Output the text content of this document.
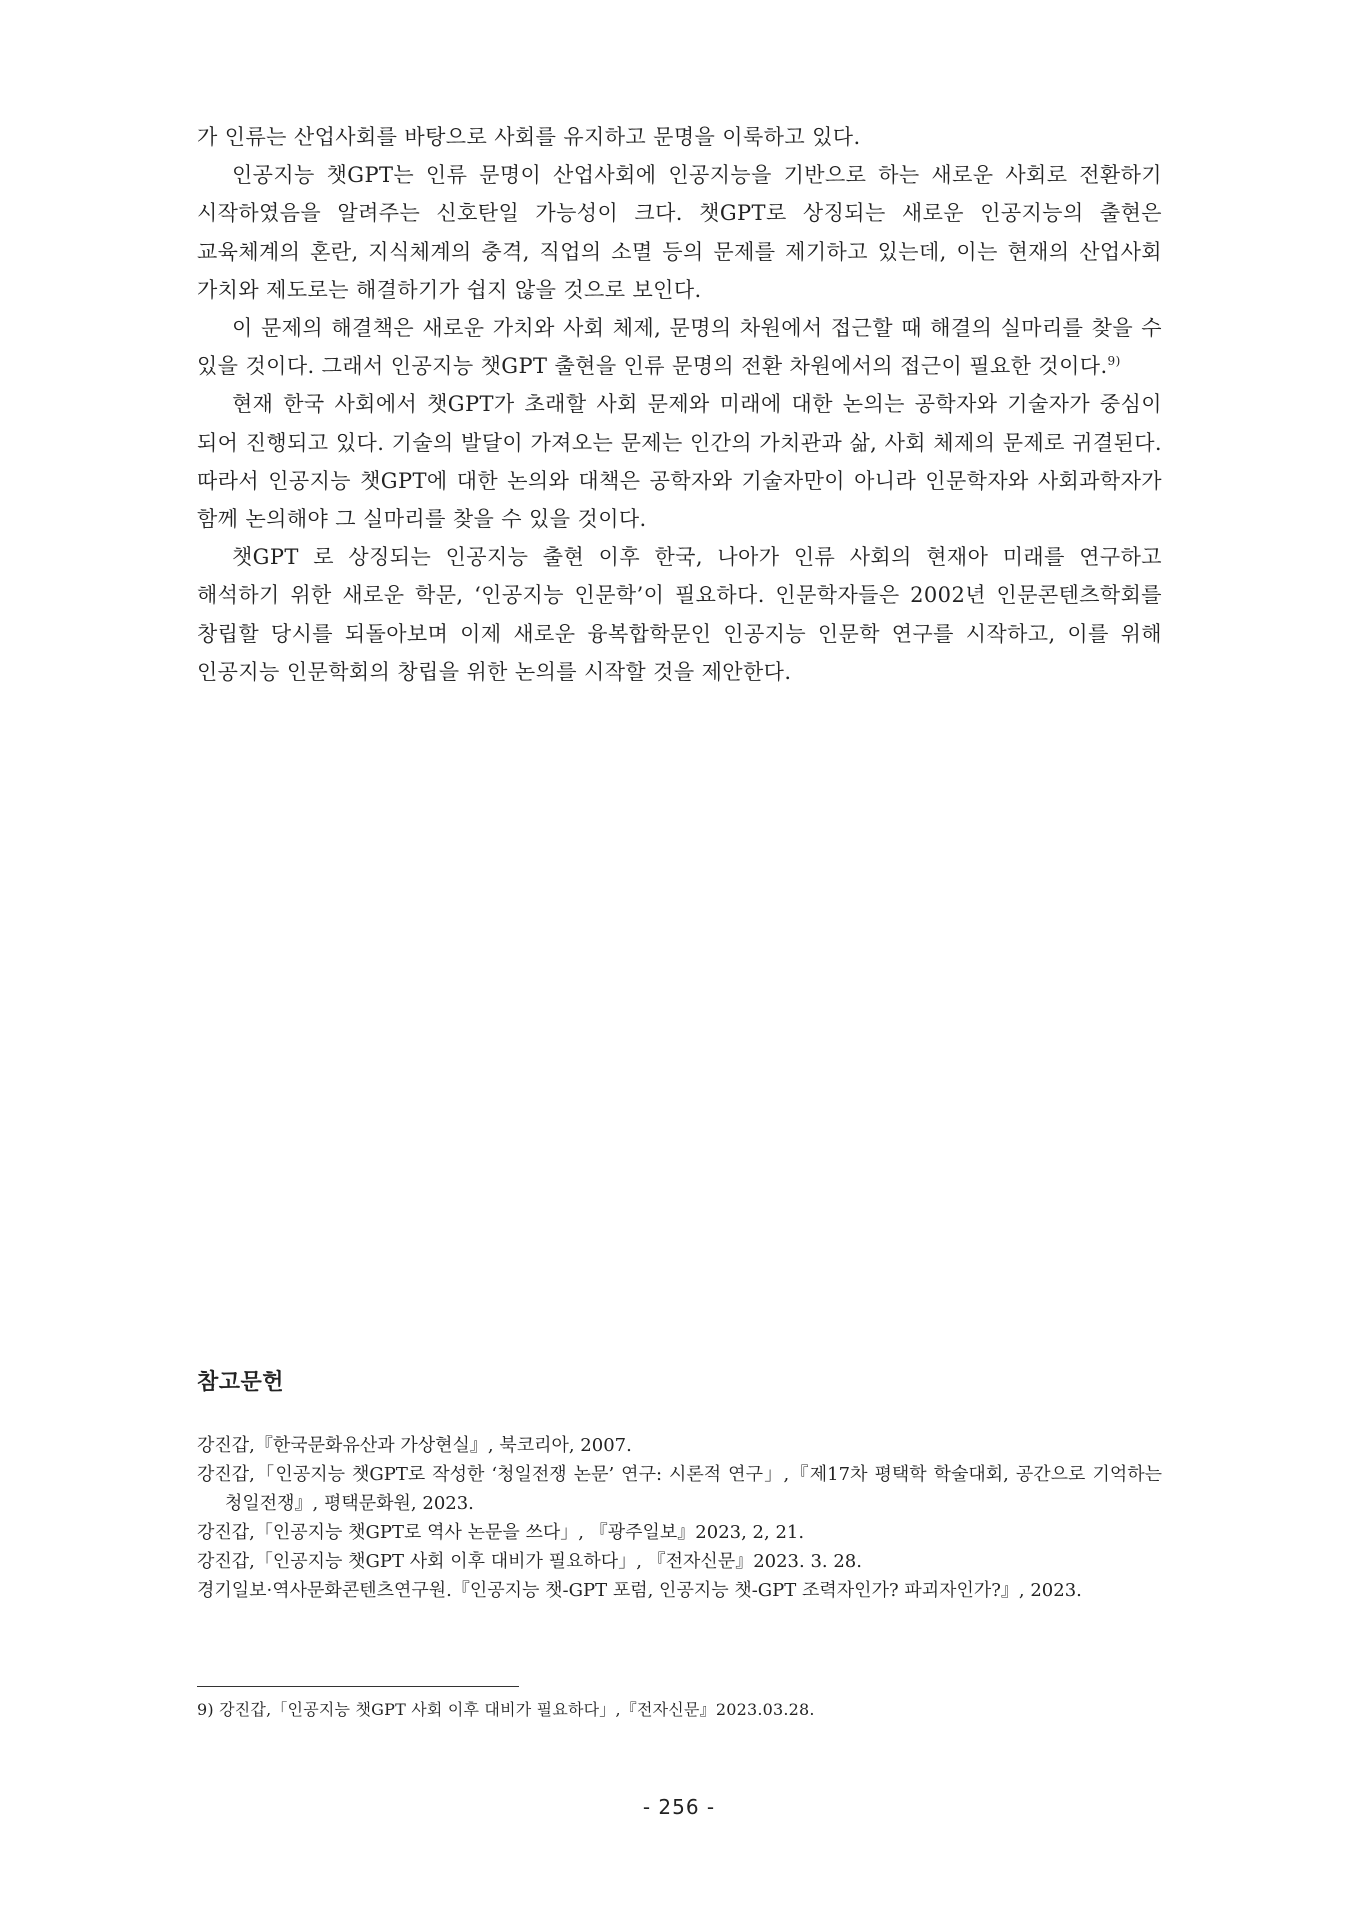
가 인류는 산업사회를 바탕으로 사회를 유지하고 문명을 이룩하고 있다.

인공지능 챗GPT는 인류 문명이 산업사회에 인공지능을 기반으로 하는 새로운 사회로 전환하기 시작하였음을 알려주는 신호탄일 가능성이 크다. 챗GPT로 상징되는 새로운 인공지능의 출현은 교육체계의 혼란, 지식체계의 충격, 직업의 소멸 등의 문제를 제기하고 있는데, 이는 현재의 산업사회 가치와 제도로는 해결하기가 쉽지 않을 것으로 보인다.

이 문제의 해결책은 새로운 가치와 사회 체제, 문명의 차원에서 접근할 때 해결의 실마리를 찾을 수 있을 것이다. 그래서 인공지능 챗GPT 출현을 인류 문명의 전환 차원에서의 접근이 필요한 것이다.$^{9)}$

현재 한국 사회에서 챗GPT가 초래할 사회 문제와 미래에 대한 논의는 공학자와 기술자가 중심이 되어 진행되고 있다. 기술의 발달이 가져오는 문제는 인간의 가치관과 삶, 사회 체제의 문제로 귀결된다. 따라서 인공지능 챗GPT에 대한 논의와 대책은 공학자와 기술자만이 아니라 인문학자와 사회과학자가 함께 논의해야 그 실마리를 찾을 수 있을 것이다.

챗GPT 로 상징되는 인공지능 출현 이후 한국, 나아가 인류 사회의 현재아 미래를 연구하고 해석하기 위한 새로운 학문, ‘인공지능 인문학’이 필요하다. 인문학자들은 2002년 인문콘텐츠학회를 창립할 당시를 되돌아보며 이제 새로운 융복합학문인 인공지능 인문학 연구를 시작하고, 이를 위해 인공지능 인문학회의 창립을 위한 논의를 시작할 것을 제안한다.

참고문헌
강진갑,『한국문화유산과 가상현실』, 북코리아, 2007.
강진갑,「인공지능 챗GPT로 작성한 ‘청일전쟁 논문’ 연구: 시론적 연구」,『제17차 평택학 학술대회, 공간으로 기억하는 청일전쟁』, 평택문화원, 2023.
강진갑,「인공지능 챗GPT로 역사 논문을 쓰다」, 『광주일보』2023, 2, 21.
강진갑,「인공지능 챗GPT 사회 이후 대비가 필요하다」, 『전자신문』2023. 3. 28.
경기일보·역사문화콘텐츠연구원.『인공지능 챗-GPT 포럼, 인공지능 챗-GPT 조력자인가? 파괴자인가?』, 2023.
9) 강진갑,「인공지능 챗GPT 사회 이후 대비가 필요하다」,『전자신문』2023.03.28.
- 256 -
